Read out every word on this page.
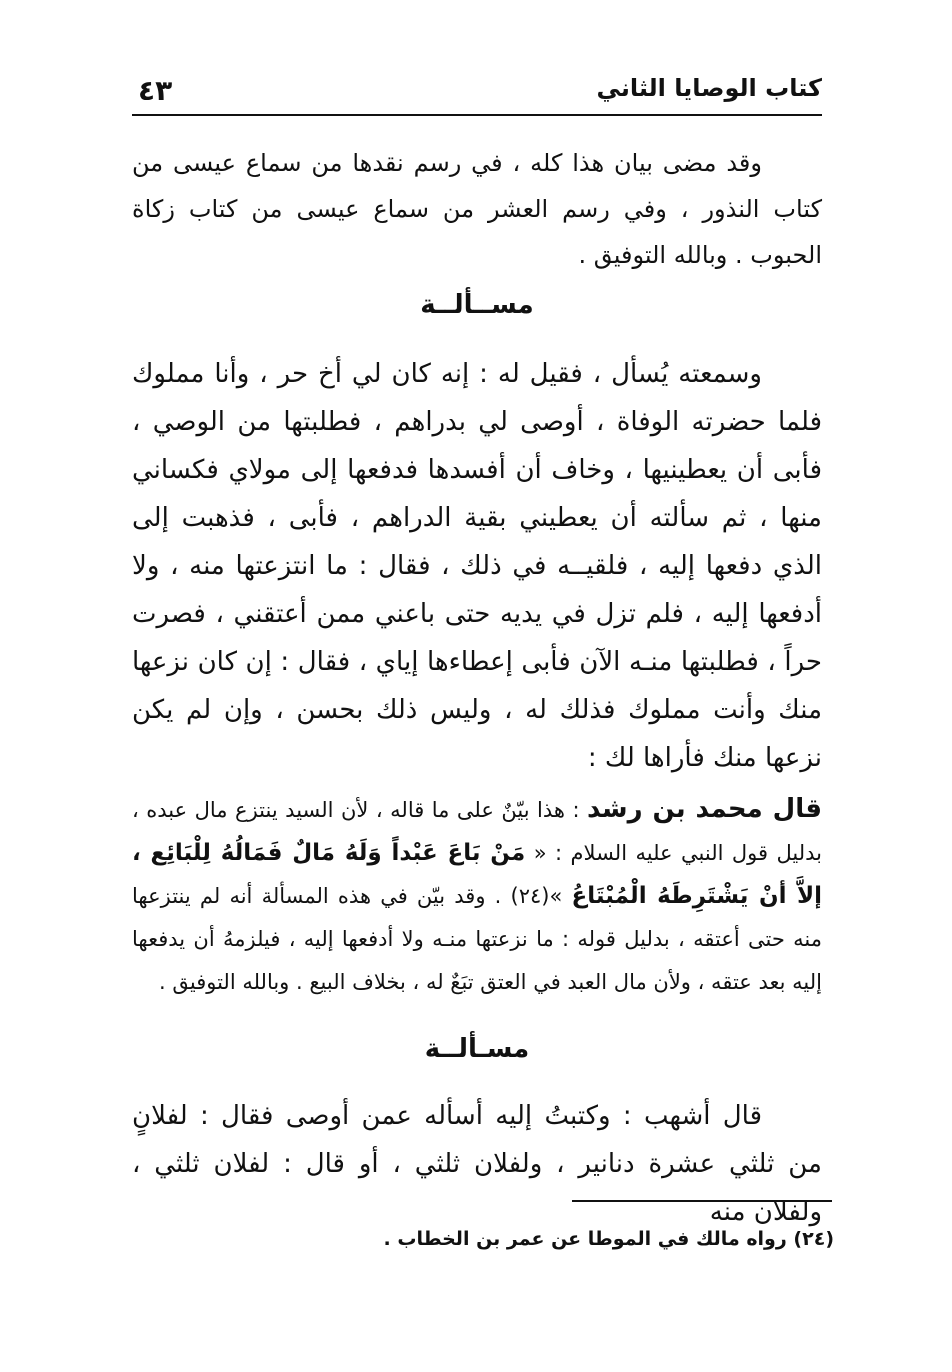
كتاب الوصايا الثاني
٤٣

وقد مضى بيان هذا كله ، في رسم نقدها من سماع عيسى من كتاب النذور ، وفي رسم العشر من سماع عيسى من كتاب زكاة الحبوب . وبالله التوفيق .

مســألــة

وسمعته يُسأل ، فقيل له : إنه كان لي أخ حر ، وأنا مملوك فلما حضرته الوفاة ، أوصى لي بدراهم ، فطلبتها من الوصي ، فأبى أن يعطينيها ، وخاف أن أفسدها فدفعها إلى مولاي فكساني منها ، ثم سألته أن يعطيني بقية الدراهم ، فأبى ، فذهبت إلى الذي دفعها إليه ، فلقيــه في ذلك ، فقال : ما انتزعتها منه ، ولا أدفعها إليه ، فلم تزل في يديه حتى باعني ممن أعتقني ، فصرت حراً ، فطلبتها منـه الآن فأبى إعطاءها إياي ، فقال : إن كان نزعها منك وأنت مملوك فذلك له ، وليس ذلك بحسن ، وإن لم يكن نزعها منك فأراها لك :

قال محمد بن رشد : هذا بيّنٌ على ما قاله ، لأن السيد ينتزع مال عبده ، بدليل قول النبي عليه السلام : « مَنْ بَاعَ عَبْداً وَلَهُ مَالٌ فَمَالُهُ لِلْبَائِع ، إلاَّ أنْ يَشْتَرِطَهُ الْمُبْتَاعُ »(٢٤) . وقد بيّن في هذه المسألة أنه لم ينتزعها منه حتى أعتقه ، بدليل قوله : ما نزعتها منـه ولا أدفعها إليه ، فيلزمهُ أن يدفعها إليه بعد عتقه ، ولأن مال العبد في العتق تبَعٌ له ، بخلاف البيع . وبالله التوفيق .

مسـألــة

قال أشهب : وكتبتُ إليه أسأله عمن أوصى فقال : لفلانٍ من ثلثي عشرة دنانير ، ولفلان ثلثي ، أو قال : لفلان ثلثي ، ولفلان منه

(٢٤) رواه مالك في الموطا عن عمر بن الخطاب .
